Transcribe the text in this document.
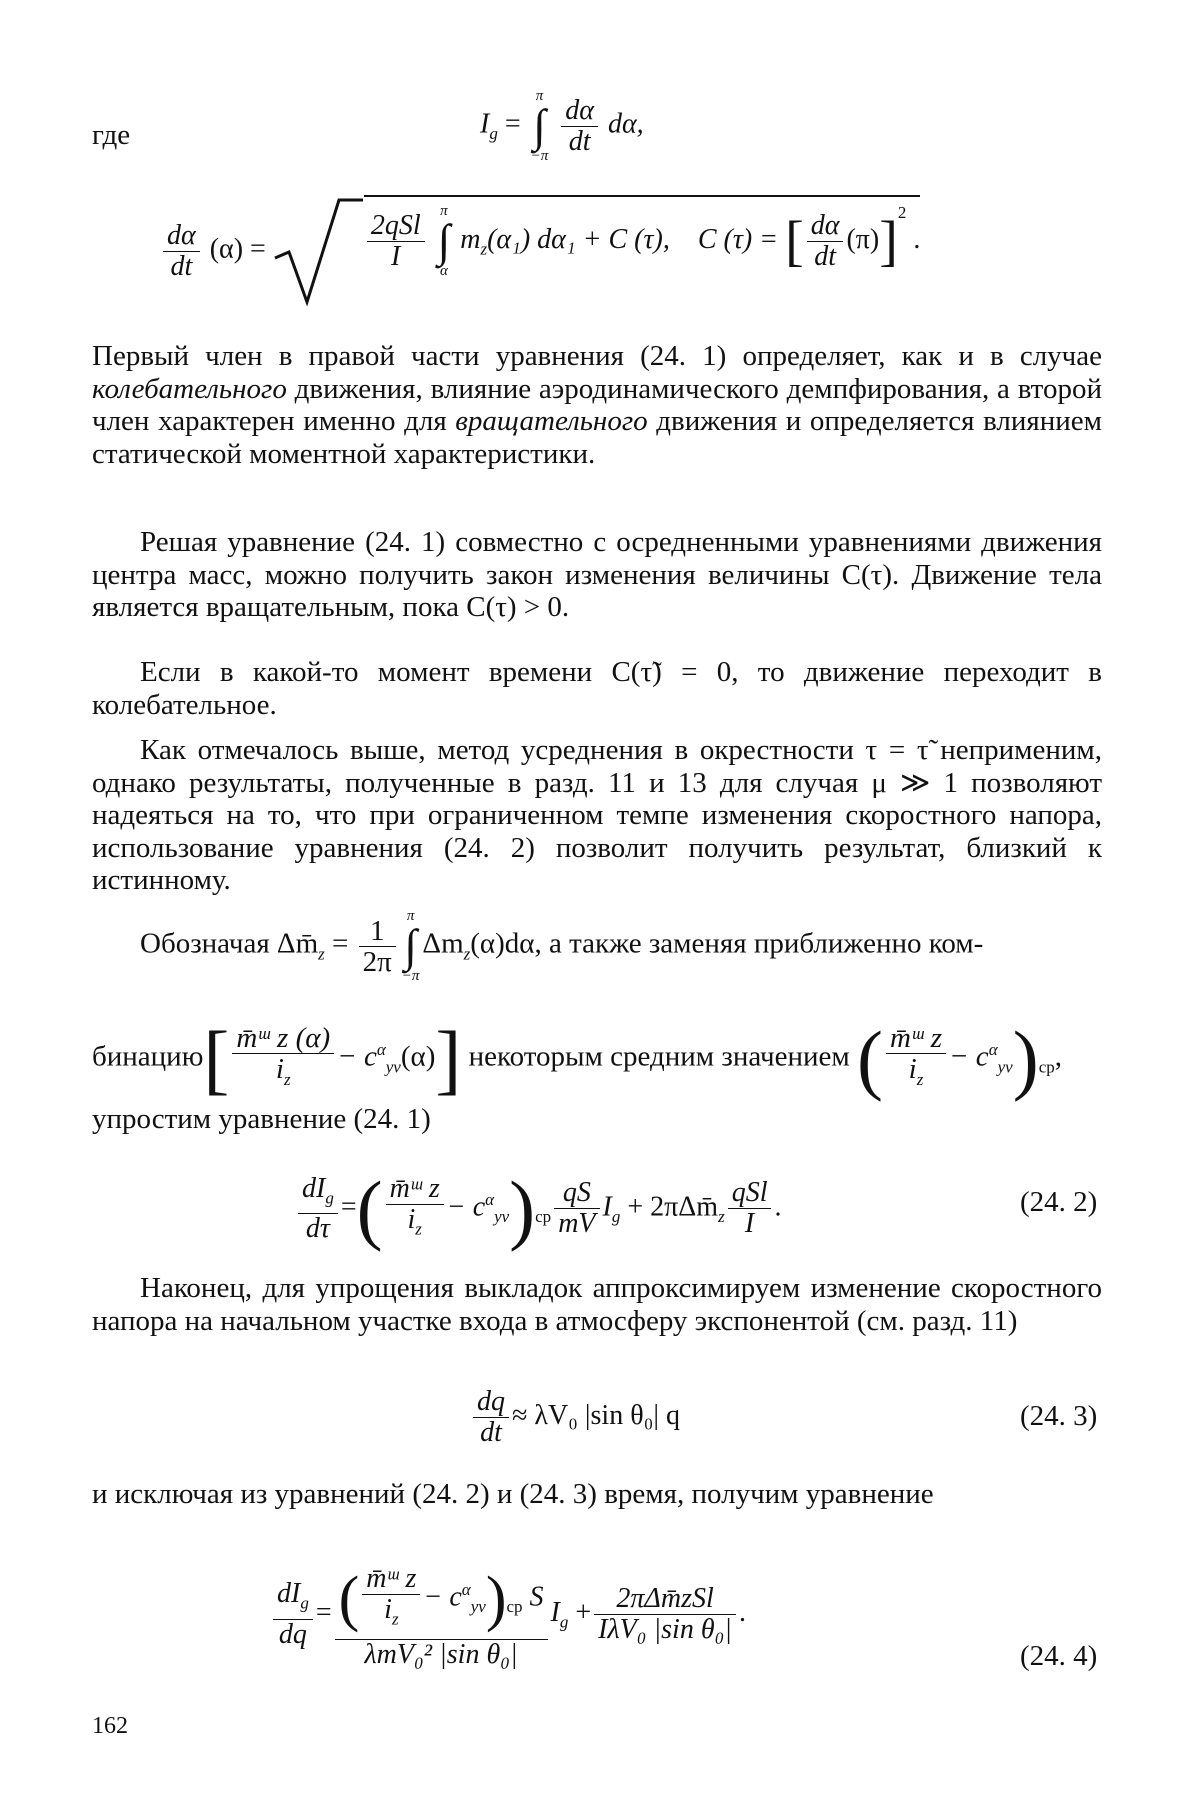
где	$I_g$ =
π
∫
−π

$\frac{d\alpha}{dt} d\alpha$,
$\frac{d\alpha}{dt} (\alpha)$ =	$\frac{\text{2qSl}}{I}$

π
∫
α
$m_z(\alpha_1) d\alpha_1 + C$ (τ), C (τ) = [ $\frac{d\alpha}{dt} (\pi)]^2$ .

Первый член в правой части уравнения (24. 1) определяет, как и в случае колебательного движения, влияние аэродинамического демпфирования, а второй член характерен именно для вращательного движения и определяется влиянием статической моментной характеристики.

Решая уравнение (24. 1) совместно с осредненными уравнениями движения центра масс, можно получить закон изменения величины C(τ). Движение тела является вращательным, пока C(τ) > 0.

Если в какой-то момент времени C(τ̃) = 0, то движение переходит в колебательное.

Как отмечалось выше, метод усреднения в окрестности τ = τ̃ неприменим, однако результаты, полученные в разд. 11 и 13 для случая μ ≫ 1 позволяют надеяться на то, что при ограниченном темпе изменения скоростного напора, использование уравнения (24. 2) позволит получить результат, близкий к истинному.

Обозначая $\Delta m̄_z = \frac{1}{2\pi}$
π
∫
−π
$\Delta m_z(\alpha)d\alpha$, а также заменяя приближенно ком-
бинацию[ $\frac{\text{m̄ᵚ z (α)}}{i_z} - c^\alpha_{yv}(\alpha)$] некоторым средним значением ( $\frac{\text{m̄ᵚ z}}{i_z} - c^\alpha_{yv})_{ср}$,
упростим уравнение (24. 1)
$\frac{dI_g}{d\tau}$ =( $\frac{\text{m̄ᵚ z}}{i_z} - c^\alpha_{yv})_{ср} \frac{qS}{mV} I_g$ + $2\pi\Delta m̄_z \frac{\text{qSl}}{I}$ .	(24. 2)

Наконец, для упрощения выкладок аппроксимируем изменение скоростного напора на начальном участке входа в атмосферу экспонентой (см. разд. 11)

$\frac{dq}{dt} \approx \lambda V_0$ |sin θ₀| q	(24. 3)

и исключая из уравнений (24. 2) и (24. 3) время, получим уравнение

$\frac{dI_g}{dq} = \frac{( \frac{\text{m̄ᵚ z}}{i_z} - c^\alpha_{yv})_{ср} S}{\text{λmV₀² |sin θ₀|}} I_g + \frac{\text{2πΔm̄zSl}}{\text{IλV₀ |sin θ₀|}}$ .
(24. 4)
162
